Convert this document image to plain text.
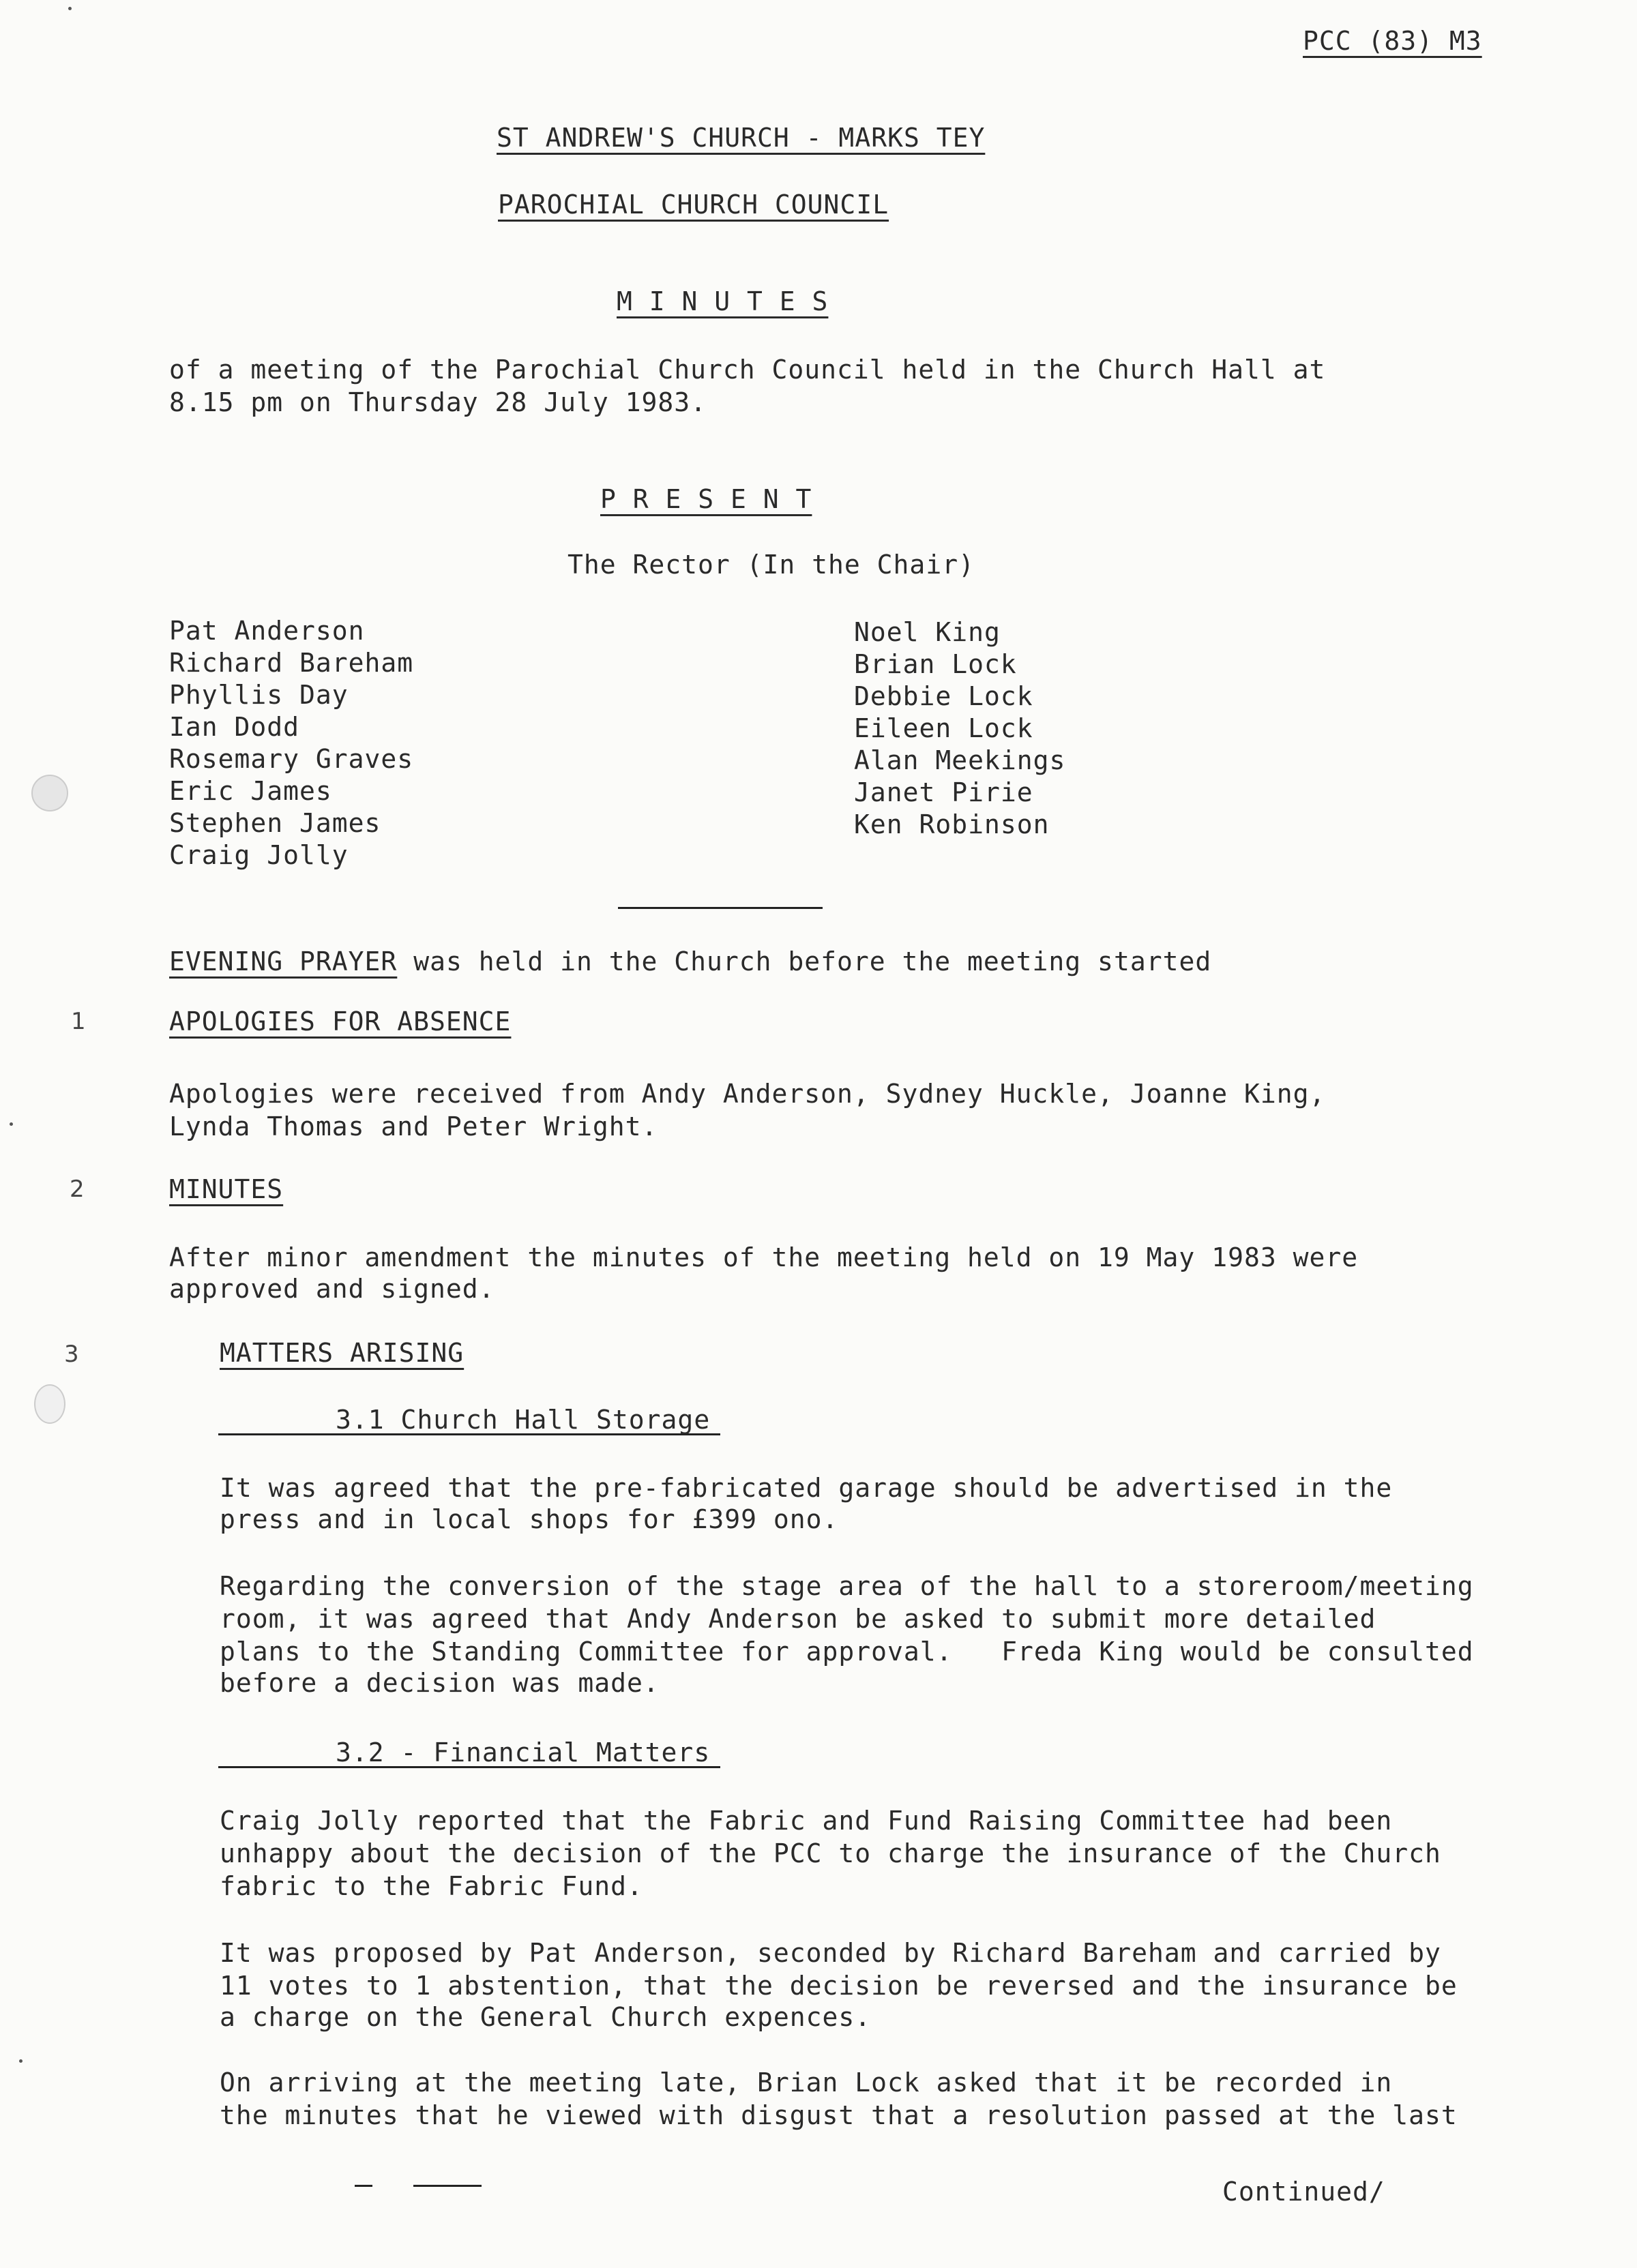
PCC (83) M3
ST ANDREW'S CHURCH - MARKS TEY
PAROCHIAL CHURCH COUNCIL
M I N U T E S
of a meeting of the Parochial Church Council held in the Church Hall at
8.15 pm on Thursday 28 July 1983.
P R E S E N T
The Rector (In the Chair)
Pat Anderson
Richard Bareham
Phyllis Day
Ian Dodd
Rosemary Graves
Eric James
Stephen James
Craig Jolly
Noel King
Brian Lock
Debbie Lock
Eileen Lock
Alan Meekings
Janet Pirie
Ken Robinson
EVENING PRAYER was held in the Church before the meeting started
1	APOLOGIES FOR ABSENCE
Apologies were received from Andy Anderson, Sydney Huckle, Joanne King,
Lynda Thomas and Peter Wright.
2	MINUTES
After minor amendment the minutes of the meeting held on 19 May 1983 were
approved and signed.
3	MATTERS ARISING
3.1 Church Hall Storage
It was agreed that the pre-fabricated garage should be advertised in the
press and in local shops for £399 ono.
Regarding the conversion of the stage area of the hall to a storeroom/meeting
room, it was agreed that Andy Anderson be asked to submit more detailed
plans to the Standing Committee for approval.   Freda King would be consulted
before a decision was made.
3.2 - Financial Matters
Craig Jolly reported that the Fabric and Fund Raising Committee had been
unhappy about the decision of the PCC to charge the insurance of the Church
fabric to the Fabric Fund.
It was proposed by Pat Anderson, seconded by Richard Bareham and carried by
11 votes to 1 abstention, that the decision be reversed and the insurance be
a charge on the General Church expences.
On arriving at the meeting late, Brian Lock asked that it be recorded in
the minutes that he viewed with disgust that a resolution passed at the last
Continued/
